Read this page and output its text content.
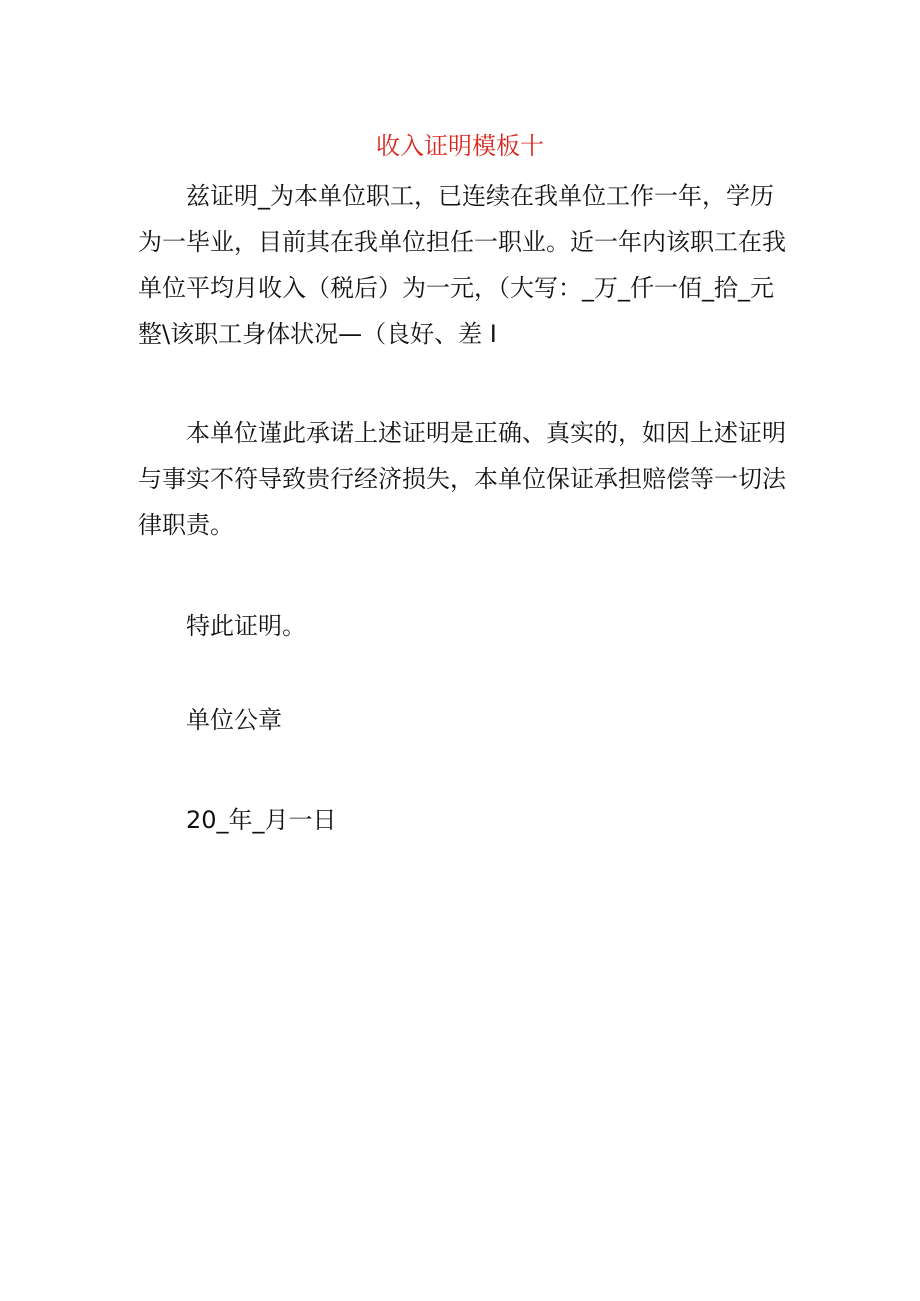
收入证明模板十

兹证明_为本单位职工，已连续在我单位工作一年，学历为一毕业，目前其在我单位担任一职业。近一年内该职工在我单位平均月收入（税后）为一元，（大写：_万_仟一佰_拾_元整\该职工身体状况—（良好、差 I

本单位谨此承诺上述证明是正确、真实的，如因上述证明与事实不符导致贵行经济损失，本单位保证承担赔偿等一切法律职责。

特此证明。
单位公章
20_年_月一日
